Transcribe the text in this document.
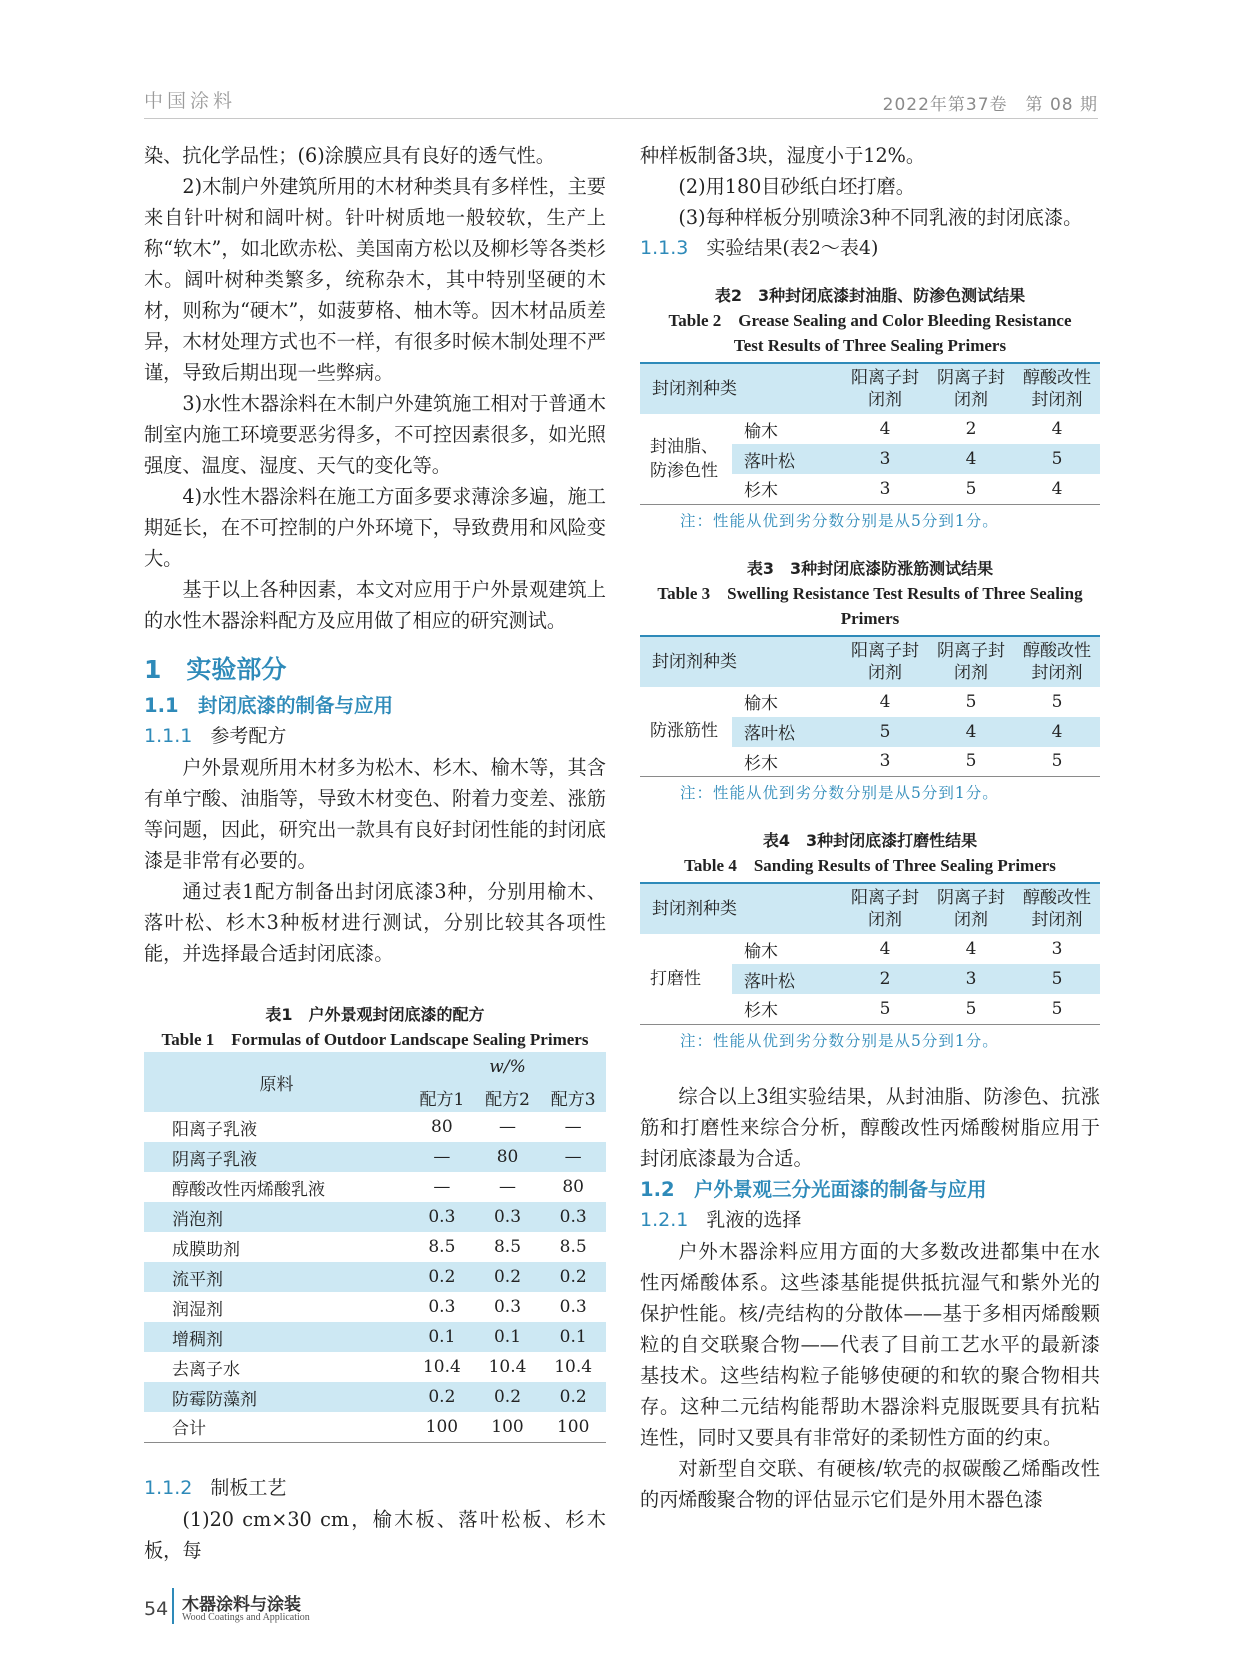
中国涂料	2022年第37卷　第 08 期

染、抗化学品性；(6)涂膜应具有良好的透气性。

2)木制户外建筑所用的木材种类具有多样性，主要来自针叶树和阔叶树。针叶树质地一般较软，生产上称“软木”，如北欧赤松、美国南方松以及柳杉等各类杉木。阔叶树种类繁多，统称杂木，其中特别坚硬的木材，则称为“硬木”，如菠萝格、柚木等。因木材品质差异，木材处理方式也不一样，有很多时候木制处理不严谨，导致后期出现一些弊病。

3)水性木器涂料在木制户外建筑施工相对于普通木制室内施工环境要恶劣得多，不可控因素很多，如光照强度、温度、湿度、天气的变化等。

4)水性木器涂料在施工方面多要求薄涂多遍，施工期延长，在不可控制的户外环境下，导致费用和风险变大。

基于以上各种因素，本文对应用于户外景观建筑上的水性木器涂料配方及应用做了相应的研究测试。

1　实验部分
1.1　封闭底漆的制备与应用
1.1.1 参考配方

户外景观所用木材多为松木、杉木、榆木等，其含有单宁酸、油脂等，导致木材变色、附着力变差、涨筋等问题，因此，研究出一款具有良好封闭性能的封闭底漆是非常有必要的。

通过表1配方制备出封闭底漆3种，分别用榆木、落叶松、杉木3种板材进行测试，分别比较其各项性能，并选择最合适封闭底漆。

表1　户外景观封闭底漆的配方
Table 1　Formulas of Outdoor Landscape Sealing Primers
原料	w/%		
	配方1	配方2	配方3
阳离子乳液	80	—	—
阴离子乳液	—	80	—
醇酸改性丙烯酸乳液	—	—	80
消泡剂	0.3	0.3	0.3
成膜助剂	8.5	8.5	8.5
流平剂	0.2	0.2	0.2
润湿剂	0.3	0.3	0.3
增稠剂	0.1	0.1	0.1
去离子水	10.4	10.4	10.4
防霉防藻剂	0.2	0.2	0.2
合计	100	100	100
1.1.2 制板工艺

(1)20 cm×30 cm，榆木板、落叶松板、杉木板，每

种样板制备3块，湿度小于12%。

(2)用180目砂纸白坯打磨。

(3)每种样板分别喷涂3种不同乳液的封闭底漆。

1.1.3 实验结果(表2～表4)
表2　3种封闭底漆封油脂、防渗色测试结果
Table 2　Grease Sealing and Color Bleeding Resistance
Test Results of Three Sealing Primers
封闭剂种类		阳离子封闭剂	阴离子封闭剂	醇酸改性封闭剂
封油脂、防渗色性	榆木	4	2	4
	落叶松	3	4	5
	杉木	3	5	4
注：性能从优到劣分数分别是从5分到1分。
表3　3种封闭底漆防涨筋测试结果
Table 3　Swelling Resistance Test Results of Three Sealing
Primers
封闭剂种类		阳离子封闭剂	阴离子封闭剂	醇酸改性封闭剂
防涨筋性	榆木	4	5	5
	落叶松	5	4	4
	杉木	3	5	5
注：性能从优到劣分数分别是从5分到1分。
表4　3种封闭底漆打磨性结果
Table 4　Sanding Results of Three Sealing Primers
封闭剂种类		阳离子封闭剂	阴离子封闭剂	醇酸改性封闭剂
打磨性	榆木	4	4	3
	落叶松	2	3	5
	杉木	5	5	5
注：性能从优到劣分数分别是从5分到1分。

综合以上3组实验结果，从封油脂、防渗色、抗涨筋和打磨性来综合分析，醇酸改性丙烯酸树脂应用于封闭底漆最为合适。

1.2　户外景观三分光面漆的制备与应用
1.2.1 乳液的选择

户外木器涂料应用方面的大多数改进都集中在水性丙烯酸体系。这些漆基能提供抵抗湿气和紫外光的保护性能。核/壳结构的分散体——基于多相丙烯酸颗粒的自交联聚合物——代表了目前工艺水平的最新漆基技术。这些结构粒子能够使硬的和软的聚合物相共存。这种二元结构能帮助木器涂料克服既要具有抗粘连性，同时又要具有非常好的柔韧性方面的约束。

对新型自交联、有硬核/软壳的叔碳酸乙烯酯改性的丙烯酸聚合物的评估显示它们是外用木器色漆

54 木器涂料与涂装
Wood Coatings and Application
